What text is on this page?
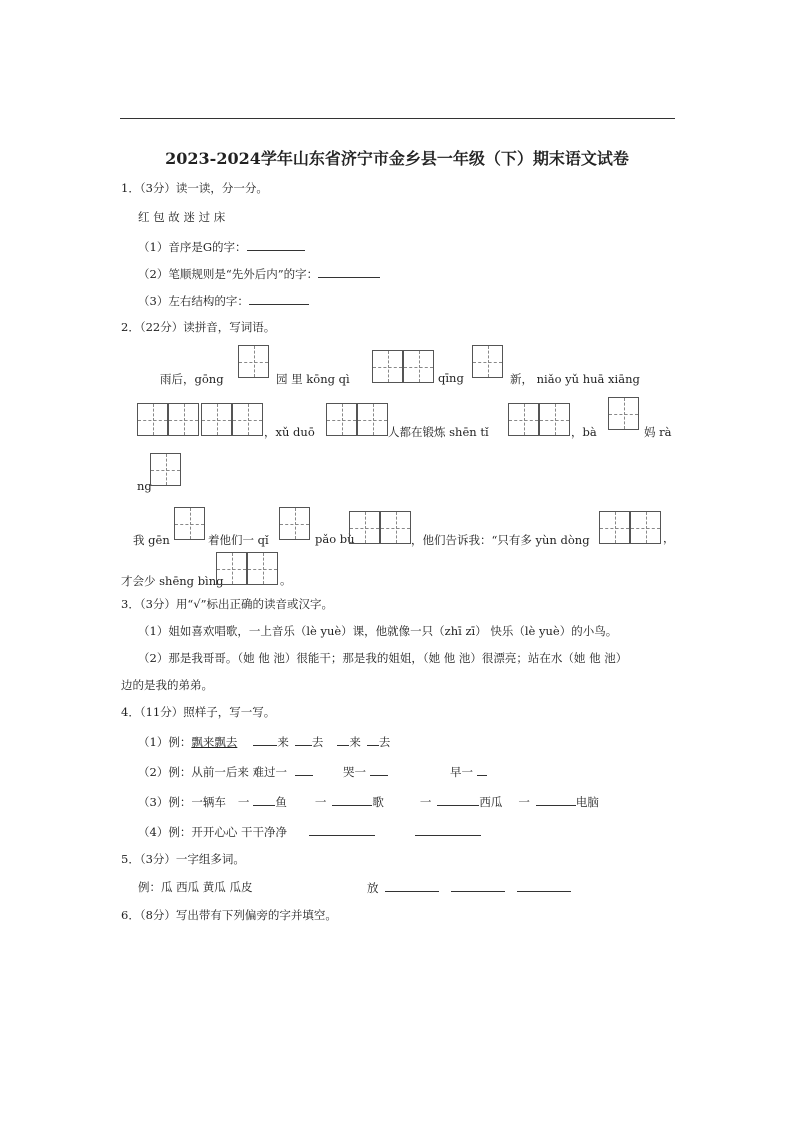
2023-2024学年山东省济宁市金乡县一年级（下）期末语文试卷
1．（3分）读一读，分一分。
红 包 故 迷 过 床
（1）音序是G的字：
（2）笔顺规则是“先外后内”的字：
（3）左右结构的字：
2．（22分）读拼音，写词语。
雨后，gōng	园 里 kōng qì	qīng	新， niǎo yǔ huā xiāng
，xǔ duō	人都在锻炼 shēn tǐ	，bà	妈 rà
ng
我 gēn	着他们一 qǐ	pǎo bù	，他们告诉我：“只有多 yùn dòng	，
才会少 shēng bìng	。
3．（3分）用“√”标出正确的读音或汉字。
（1）姐如喜欢唱歌，一上音乐（lè yuè）课，他就像一只（zhī zī） 快乐（lè yuè）的小鸟。
（2）那是我哥哥。（她 他 池）很能干；那是我的姐姐，（她 他 池）很漂亮；站在水（她 他 池）
边的是我的弟弟。
4．（11分）照样子，写一写。
（1）例：飘来飘去	来 去 来 去
（2）例：从前一后来 难过一	哭一	早一
（3）例：一辆车 一 鱼 一	歌	一	西瓜 一	电脑
（4）例：开开心心 干干净净
5．（3分）一字组多词。
例：瓜 西瓜 黄瓜 瓜皮	放
6．（8分）写出带有下列偏旁的字并填空。
